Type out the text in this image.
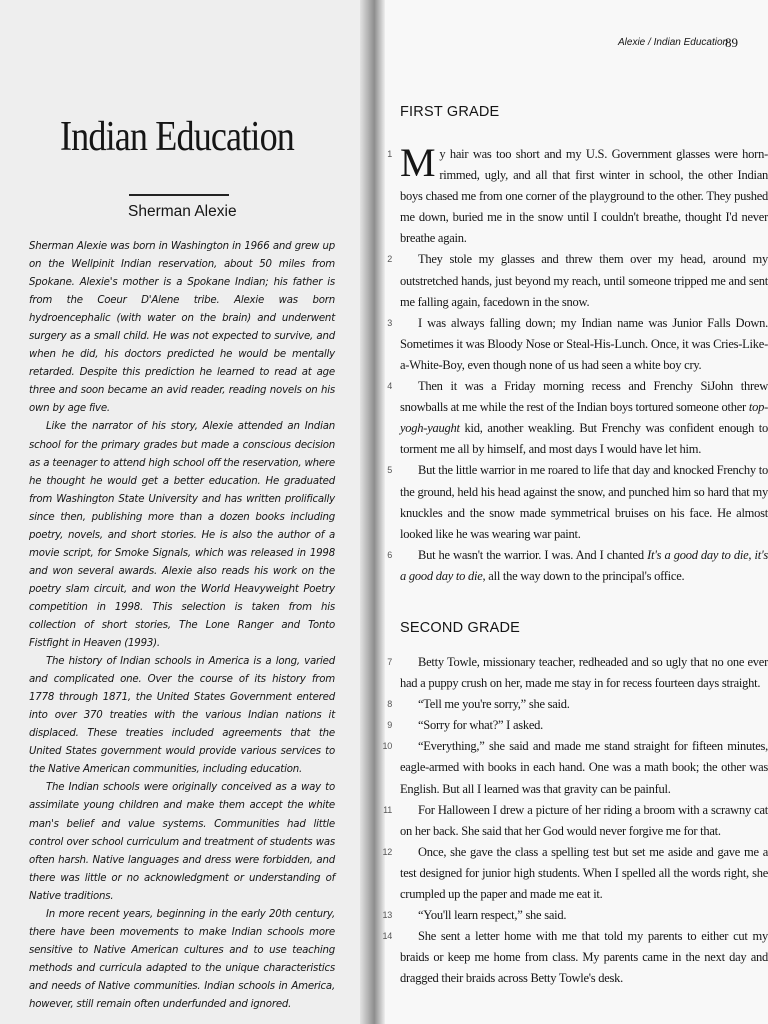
Indian Education
Sherman Alexie

Sherman Alexie was born in Washington in 1966 and grew up on the Wellpinit Indian reservation, about 50 miles from Spokane. Alexie's mother is a Spokane Indian; his father is from the Coeur D'Alene tribe. Alexie was born hydroencephalic (with water on the brain) and underwent surgery as a small child. He was not expected to survive, and when he did, his doctors predicted he would be mentally retarded. Despite this prediction he learned to read at age three and soon became an avid reader, reading novels on his own by age five.

Like the narrator of his story, Alexie attended an Indian school for the primary grades but made a conscious decision as a teenager to attend high school off the reservation, where he thought he would get a better education. He graduated from Washington State University and has written prolifically since then, publishing more than a dozen books including poetry, novels, and short stories. He is also the author of a movie script, for Smoke Signals, which was released in 1998 and won several awards. Alexie also reads his work on the poetry slam circuit, and won the World Heavyweight Poetry competition in 1998. This selection is taken from his collection of short stories, The Lone Ranger and Tonto Fistfight in Heaven (1993).

The history of Indian schools in America is a long, varied and complicated one. Over the course of its history from 1778 through 1871, the United States Government entered into over 370 treaties with the various Indian nations it displaced. These treaties included agreements that the United States government would provide various services to the Native American communities, including education.

The Indian schools were originally conceived as a way to assimilate young children and make them accept the white man's belief and value systems. Communities had little control over school curriculum and treatment of students was often harsh. Native languages and dress were forbidden, and there was little or no acknowledgment or understanding of Native traditions.

In more recent years, beginning in the early 20th century, there have been movements to make Indian schools more sensitive to Native American cultures and to use teaching methods and curricula adapted to the unique characteristics and needs of Native communities. Indian schools in America, however, still remain often underfunded and ignored.

Alexie / Indian Education
89
FIRST GRADE

1 M y hair was too short and my U.S. Government glasses were horn-rimmed, ugly, and all that first winter in school, the other Indian boys chased me from one corner of the playground to the other. They pushed me down, buried me in the snow until I couldn't breathe, thought I'd never breathe again.

2 They stole my glasses and threw them over my head, around my outstretched hands, just beyond my reach, until someone tripped me and sent me falling again, facedown in the snow.

3 I was always falling down; my Indian name was Junior Falls Down. Sometimes it was Bloody Nose or Steal-His-Lunch. Once, it was Cries-Like-a-White-Boy, even though none of us had seen a white boy cry.

4 Then it was a Friday morning recess and Frenchy SiJohn threw snowballs at me while the rest of the Indian boys tortured someone other top-yogh-yaught kid, another weakling. But Frenchy was confident enough to torment me all by himself, and most days I would have let him.

5 But the little warrior in me roared to life that day and knocked Frenchy to the ground, held his head against the snow, and punched him so hard that my knuckles and the snow made symmetrical bruises on his face. He almost looked like he was wearing war paint.

6 But he wasn't the warrior. I was. And I chanted It's a good day to die, it's a good day to die, all the way down to the principal's office.

SECOND GRADE

7 Betty Towle, missionary teacher, redheaded and so ugly that no one ever had a puppy crush on her, made me stay in for recess fourteen days straight.

8 “Tell me you're sorry,” she said.

9 “Sorry for what?” I asked.

10 “Everything,” she said and made me stand straight for fifteen minutes, eagle-armed with books in each hand. One was a math book; the other was English. But all I learned was that gravity can be painful.

11 For Halloween I drew a picture of her riding a broom with a scrawny cat on her back. She said that her God would never forgive me for that.

12 Once, she gave the class a spelling test but set me aside and gave me a test designed for junior high students. When I spelled all the words right, she crumpled up the paper and made me eat it.

13 “You'll learn respect,” she said.

14 She sent a letter home with me that told my parents to either cut my braids or keep me home from class. My parents came in the next day and dragged their braids across Betty Towle's desk.
